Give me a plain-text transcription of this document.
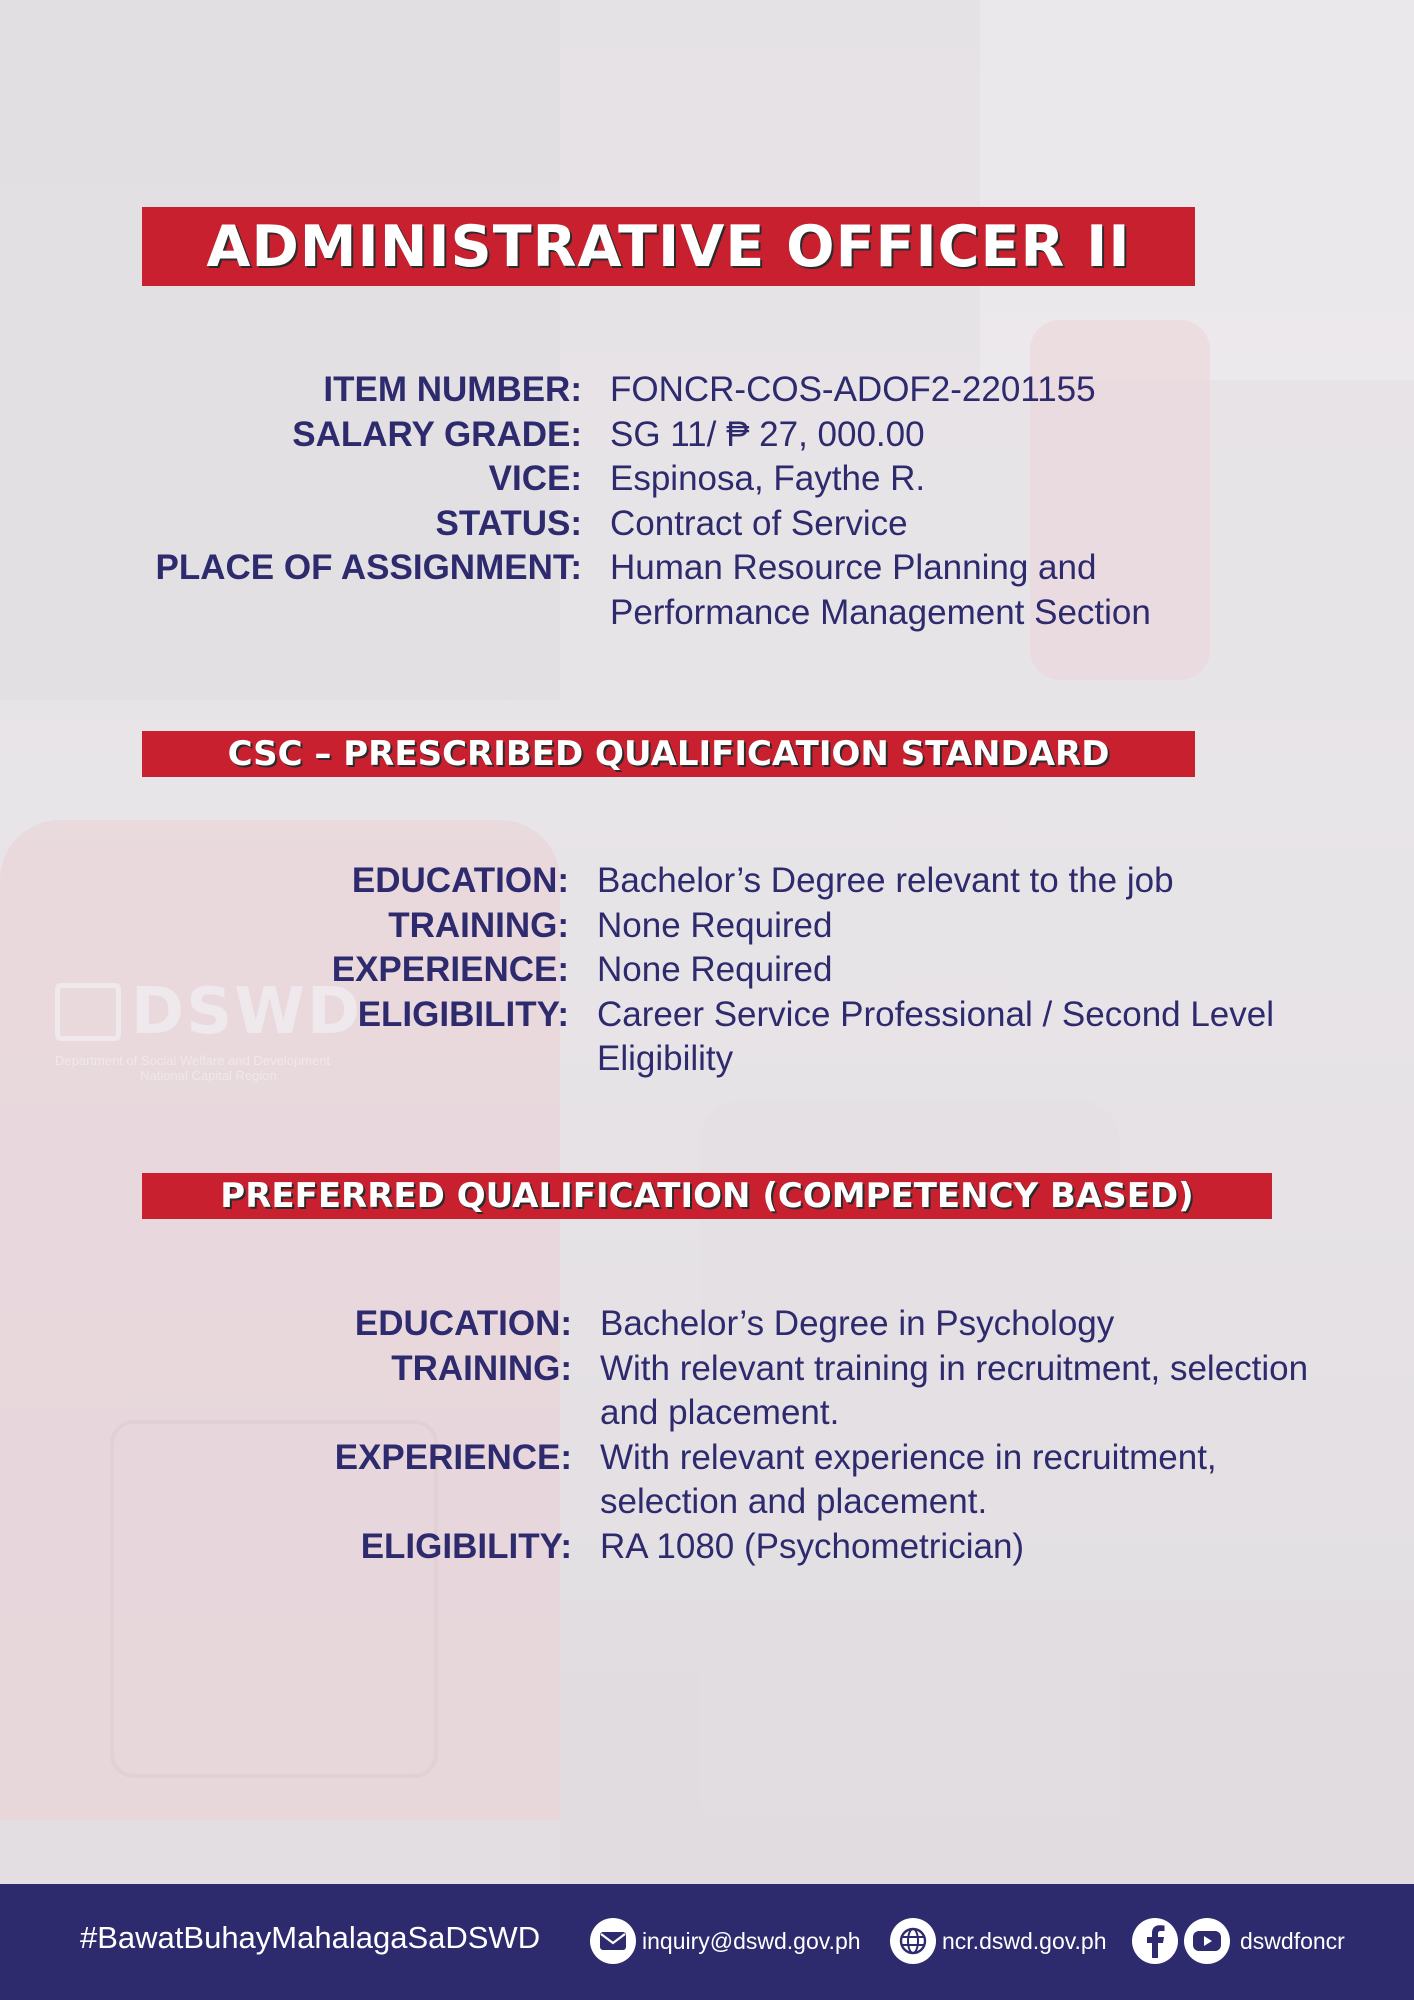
ADMINISTRATIVE OFFICER II
ITEM NUMBER: FONCR-COS-ADOF2-2201155
SALARY GRADE: SG 11/ ₱ 27, 000.00
VICE: Espinosa, Faythe R.
STATUS: Contract of Service
PLACE OF ASSIGNMENT: Human Resource Planning and Performance Management Section
CSC – PRESCRIBED QUALIFICATION STANDARD
EDUCATION: Bachelor’s Degree relevant to the job
TRAINING: None Required
EXPERIENCE: None Required
ELIGIBILITY: Career Service Professional / Second Level Eligibility
PREFERRED QUALIFICATION (COMPETENCY BASED)
EDUCATION: Bachelor’s Degree in Psychology
TRAINING: With relevant training in recruitment, selection and placement.
EXPERIENCE: With relevant experience in recruitment, selection and placement.
ELIGIBILITY: RA 1080 (Psychometrician)
#BawatBuhayMahalagaSaDSWD	inquiry@dswd.gov.ph	ncr.dswd.gov.ph	dswdfoncr
